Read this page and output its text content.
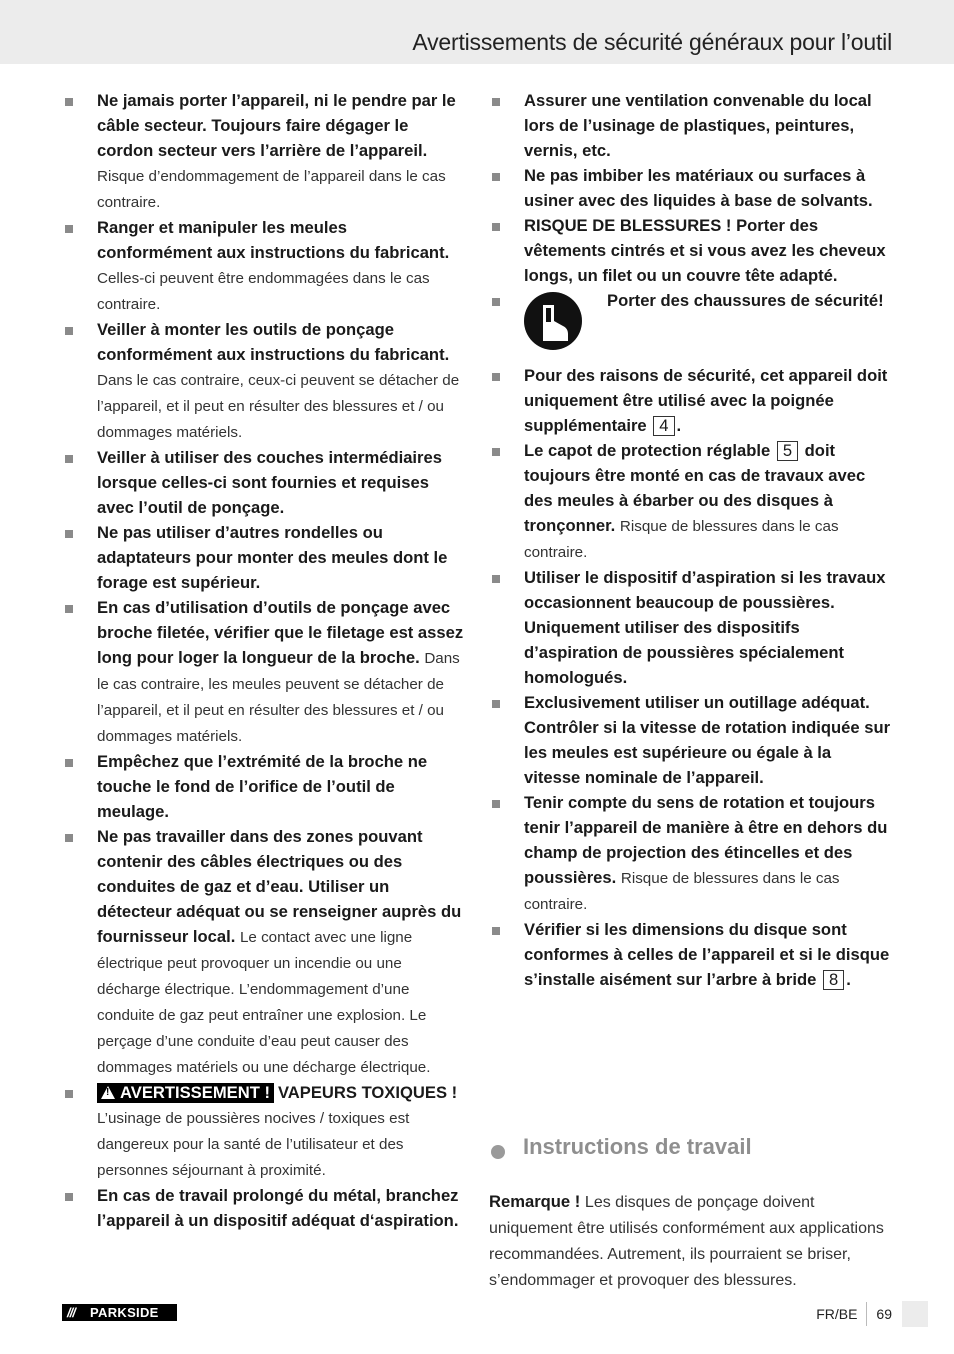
Avertissements de sécurité généraux pour l’outil
Ne jamais porter l’appareil, ni le pendre par le câble secteur. Toujours faire dégager le cordon secteur vers l’arrière de l’appareil. Risque d’endommagement de l’appareil dans le cas contraire.
Ranger et manipuler les meules conformément aux instructions du fabricant. Celles-ci peuvent être endommagées dans le cas contraire.
Veiller à monter les outils de ponçage conformément aux instructions du fabricant. Dans le cas contraire, ceux-ci peuvent se détacher de l’appareil, et il peut en résulter des blessures et / ou dommages matériels.
Veiller à utiliser des couches intermédiaires lorsque celles-ci sont fournies et requises avec l’outil de ponçage.
Ne pas utiliser d’autres rondelles ou adaptateurs pour monter des meules dont le forage est supérieur.
En cas d’utilisation d’outils de ponçage avec broche filetée, vérifier que le filetage est assez long pour loger la longueur de la broche. Dans le cas contraire, les meules peuvent se détacher de l’appareil, et il peut en résulter des blessures et / ou dommages matériels.
Empêchez que l’extrémité de la broche ne touche le fond de l’orifice de l’outil de meulage.
Ne pas travailler dans des zones pouvant contenir des câbles électriques ou des conduites de gaz et d’eau. Utiliser un détecteur adéquat ou se renseigner auprès du fournisseur local. Le contact avec une ligne électrique peut provoquer un incendie ou une décharge électrique. L’endommagement d’une conduite de gaz peut entraîner une explosion. Le perçage d’une conduite d’eau peut causer des dommages matériels ou une décharge électrique.
! AVERTISSEMENT ! VAPEURS TOXIQUES ! L’usinage de poussières nocives / toxiques est dangereux pour la santé de l’utilisateur et des personnes séjournant à proximité.
En cas de travail prolongé du métal, branchez l’appareil à un dispositif adéquat d‘aspiration.
Assurer une ventilation convenable du local lors de l’usinage de plastiques, peintures, vernis, etc.
Ne pas imbiber les matériaux ou surfaces à usiner avec des liquides à base de solvants.
RISQUE DE BLESSURES ! Porter des vêtements cintrés et si vous avez les cheveux longs, un filet ou un couvre tête adapté.
Porter des chaussures de sécurité!
Pour des raisons de sécurité, cet appareil doit uniquement être utilisé avec la poignée supplémentaire 4 .
Le capot de protection réglable 5 doit toujours être monté en cas de travaux avec des meules à ébarber ou des disques à tronçonner. Risque de blessures dans le cas contraire.
Utiliser le dispositif d’aspiration si les travaux occasionnent beaucoup de poussières. Uniquement utiliser des dispositifs d’aspiration de poussières spécialement homologués.
Exclusivement utiliser un outillage adéquat. Contrôler si la vitesse de rotation indiquée sur les meules est supérieure ou égale à la vitesse nominale de l’appareil.
Tenir compte du sens de rotation et toujours tenir l’appareil de manière à être en dehors du champ de projection des étincelles et des poussières. Risque de blessures dans le cas contraire.
Vérifier si les dimensions du disque sont conformes à celles de l’appareil et si le disque s’installe aisément sur l’arbre à bride 8 .
Instructions de travail
Remarque ! Les disques de ponçage doivent uniquement être utilisés conformément aux applications recommandées. Autrement, ils pourraient se briser, s’endommager et provoquer des blessures.
/// PARKSIDE	FR/BE	69
